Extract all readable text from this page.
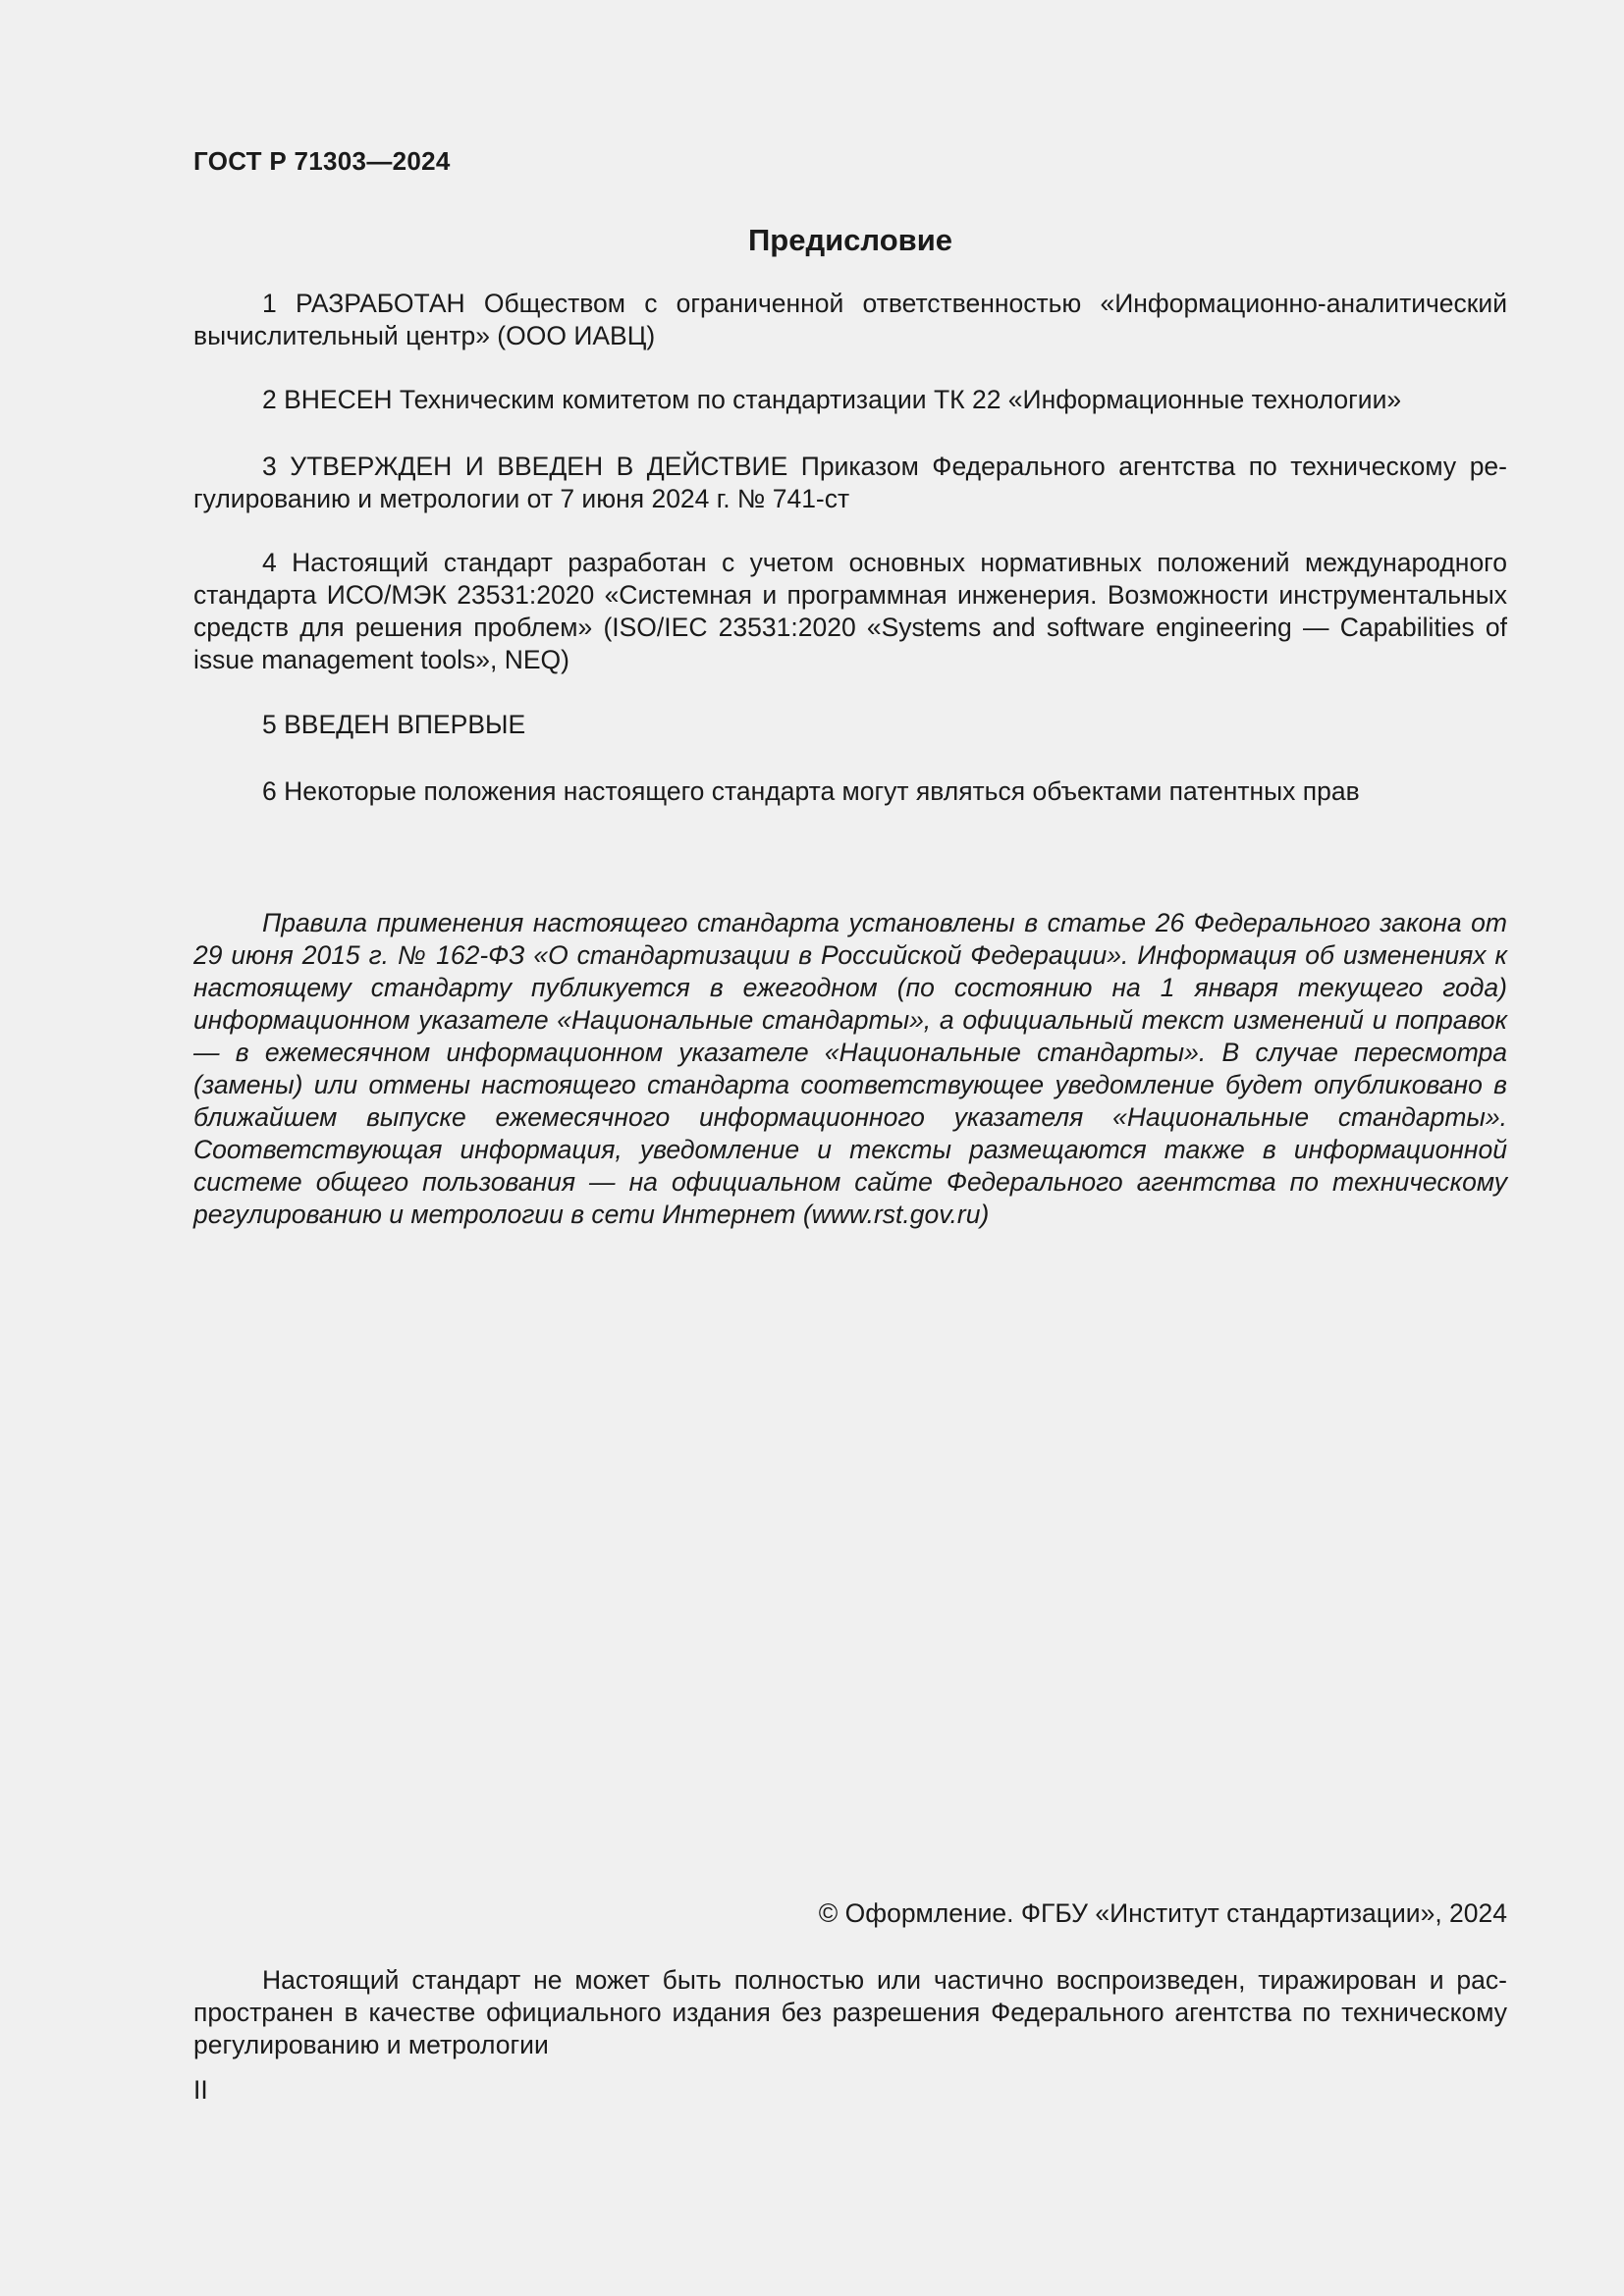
ГОСТ Р 71303—2024
Предисловие

1 РАЗРАБОТАН Обществом с ограниченной ответственностью «Информационно-аналитический вычислительный центр» (ООО ИАВЦ)

2 ВНЕСЕН Техническим комитетом по стандартизации ТК 22 «Информационные технологии»

3 УТВЕРЖДЕН И ВВЕДЕН В ДЕЙСТВИЕ Приказом Федерального агентства по техническому регулированию и метрологии от 7 июня 2024 г. № 741-ст

4 Настоящий стандарт разработан с учетом основных нормативных положений международного стандарта ИСО/МЭК 23531:2020 «Системная и программная инженерия. Возможности инструментальных средств для решения проблем» (ISO/IEC 23531:2020 «Systems and software engineering — Capabilities of issue management tools», NEQ)

5 ВВЕДЕН ВПЕРВЫЕ

6 Некоторые положения настоящего стандарта могут являться объектами патентных прав

Правила применения настоящего стандарта установлены в статье 26 Федерального закона от 29 июня 2015 г. № 162-ФЗ «О стандартизации в Российской Федерации». Информация об изменениях к настоящему стандарту публикуется в ежегодном (по состоянию на 1 января текущего года) информационном указателе «Национальные стандарты», а официальный текст изменений и поправок — в ежемесячном информационном указателе «Национальные стандарты». В случае пересмотра (замены) или отмены настоящего стандарта соответствующее уведомление будет опубликовано в ближайшем выпуске ежемесячного информационного указателя «Национальные стандарты». Соответствующая информация, уведомление и тексты размещаются также в информационной системе общего пользования — на официальном сайте Федерального агентства по техническому регулированию и метрологии в сети Интернет (www.rst.gov.ru)

© Оформление. ФГБУ «Институт стандартизации», 2024

Настоящий стандарт не может быть полностью или частично воспроизведен, тиражирован и распространен в качестве официального издания без разрешения Федерального агентства по техническому регулированию и метрологии

II
